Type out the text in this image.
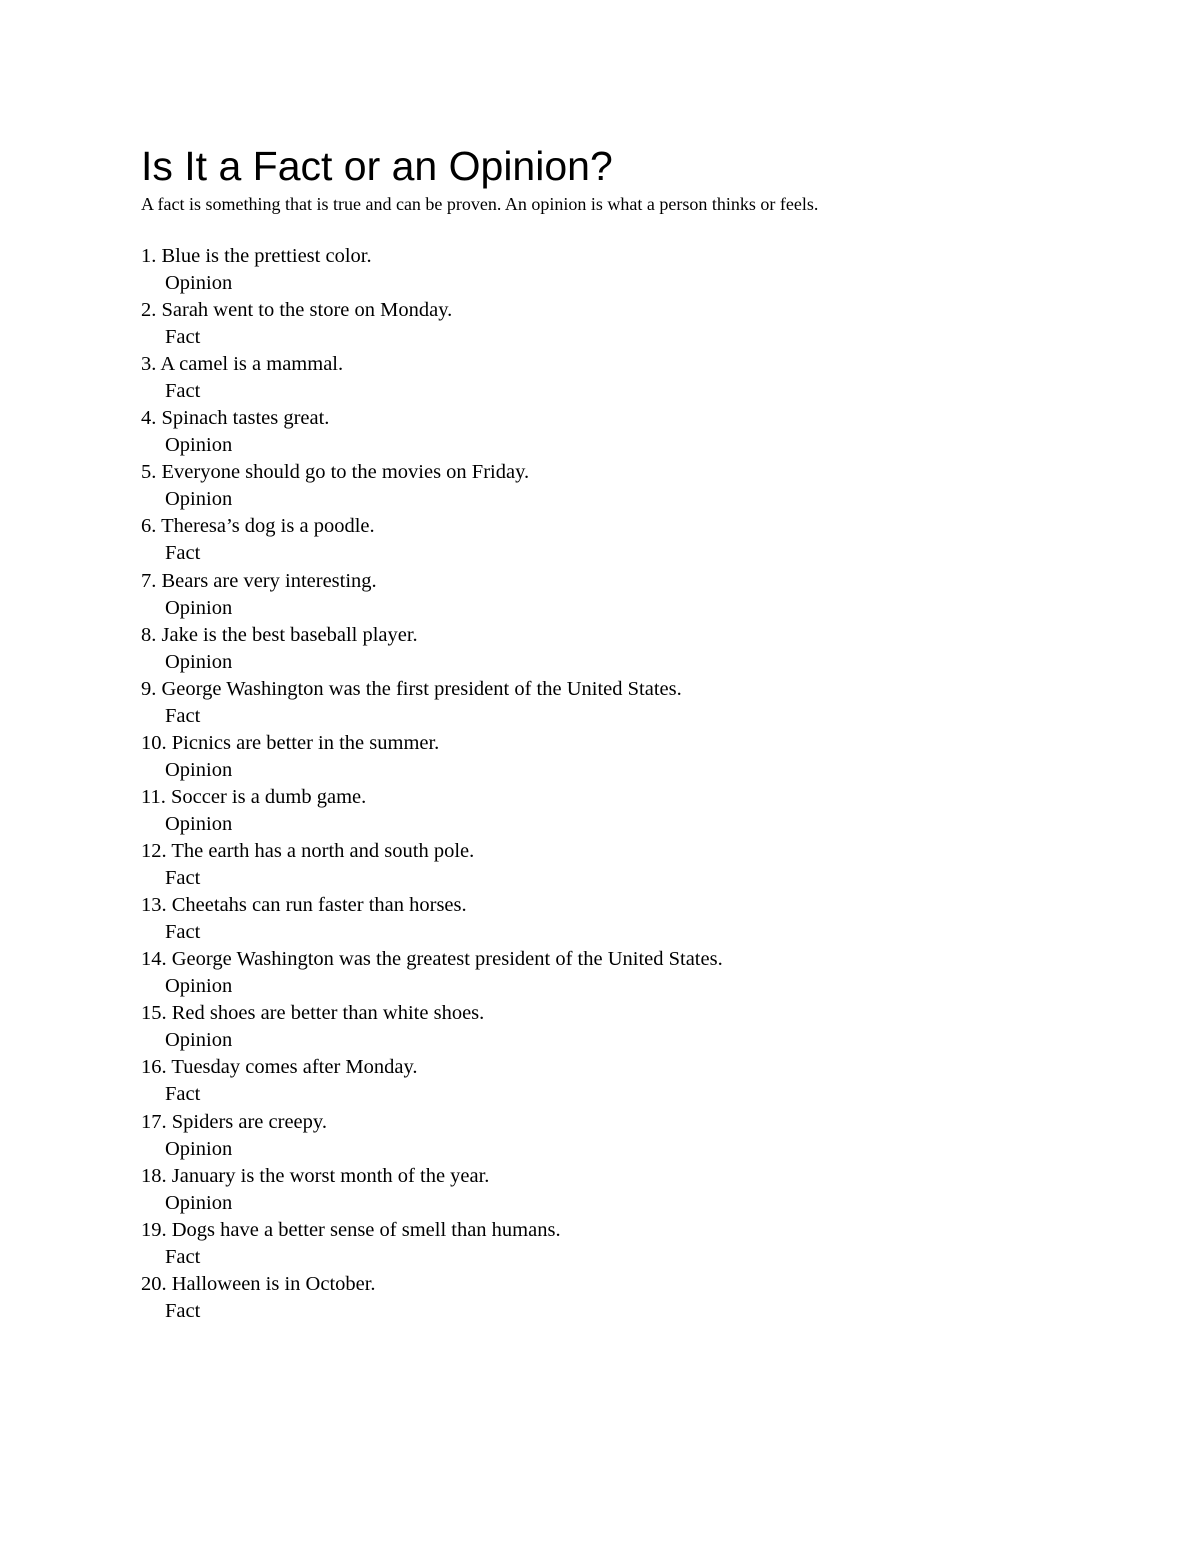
Is It a Fact or an Opinion?

A fact is something that is true and can be proven. An opinion is what a person thinks or feels.

1. Blue is the prettiest color.
Opinion
2. Sarah went to the store on Monday.
Fact
3. A camel is a mammal.
Fact
4. Spinach tastes great.
Opinion
5. Everyone should go to the movies on Friday.
Opinion
6. Theresa’s dog is a poodle.
Fact
7. Bears are very interesting.
Opinion
8. Jake is the best baseball player.
Opinion
9. George Washington was the first president of the United States.
Fact
10. Picnics are better in the summer.
Opinion
11. Soccer is a dumb game.
Opinion
12. The earth has a north and south pole.
Fact
13. Cheetahs can run faster than horses.
Fact
14. George Washington was the greatest president of the United States.
Opinion
15. Red shoes are better than white shoes.
Opinion
16. Tuesday comes after Monday.
Fact
17. Spiders are creepy.
Opinion
18. January is the worst month of the year.
Opinion
19. Dogs have a better sense of smell than humans.
Fact
20. Halloween is in October.
Fact
